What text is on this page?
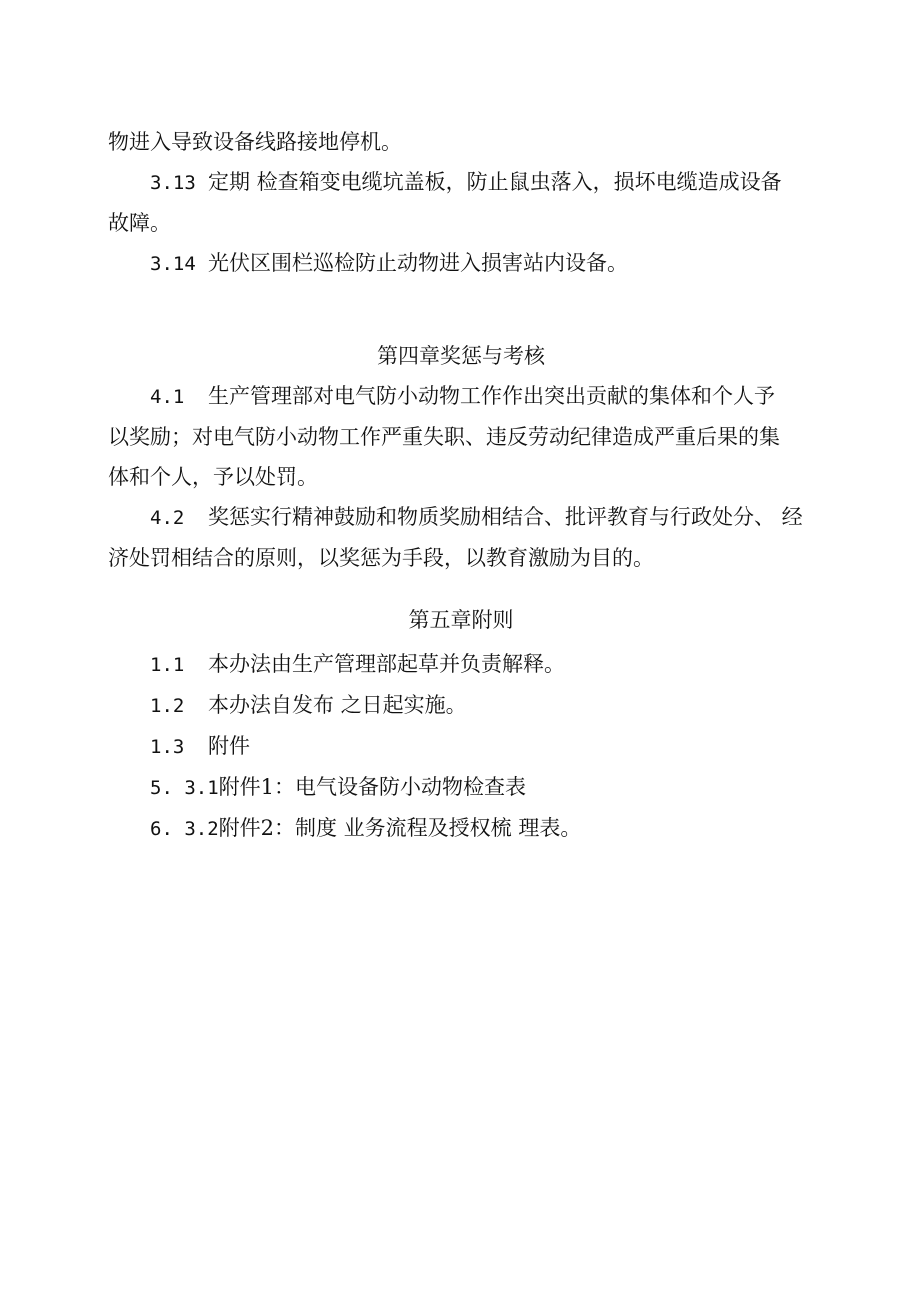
物进入导致设备线路接地停机。

3.13 定期 检查箱变电缆坑盖板，防止鼠虫落入，损坏电缆造成设备

故障。

3.14 光伏区围栏巡检防止动物进入损害站内设备。

第四章奖惩与考核

4.1 生产管理部对电气防小动物工作作出突出贡献的集体和个人予

以奖励；对电气防小动物工作严重失职、违反劳动纪律造成严重后果的集

体和个人，予以处罚。

4.2 奖惩实行精神鼓励和物质奖励相结合、批评教育与行政处分、 经

济处罚相结合的原则，以奖惩为手段，以教育激励为目的。

第五章附则

1.1 本办法由生产管理部起草并负责解释。

1.2 本办法自发布 之日起实施。

1.3 附件

5. 3.1附件1：电气设备防小动物检查表

6. 3.2附件2：制度 业务流程及授权梳 理表。
